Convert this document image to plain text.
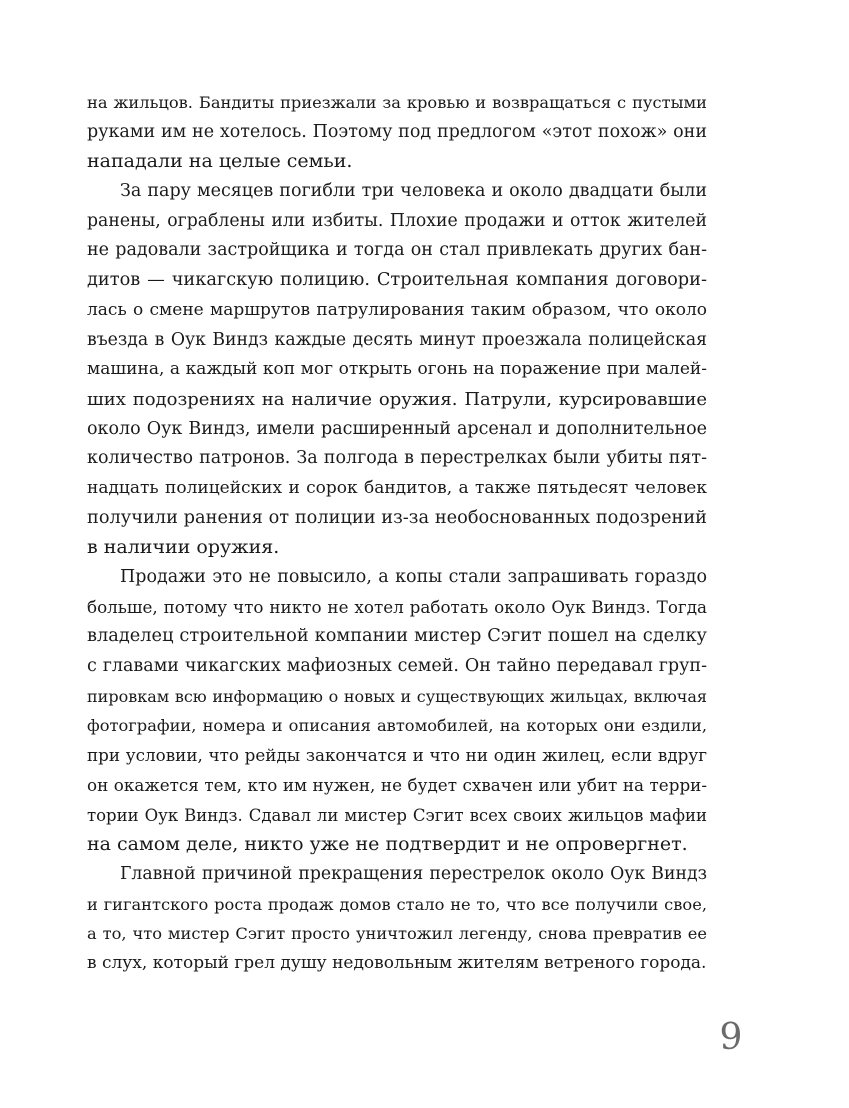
на жильцов. Бандиты приезжали за кровью и возвращаться с пустыми
руками им не хотелось. Поэтому под предлогом «этот похож» они
нападали на целые семьи.
За пару месяцев погибли три человека и около двадцати были
ранены, ограблены или избиты. Плохие продажи и отток жителей
не радовали застройщика и тогда он стал привлекать других бан-
дитов — чикагскую полицию. Строительная компания договори-
лась о смене маршрутов патрулирования таким образом, что около
въезда в Оук Виндз каждые десять минут проезжала полицейская
машина, а каждый коп мог открыть огонь на поражение при малей-
ших подозрениях на наличие оружия. Патрули, курсировавшие
около Оук Виндз, имели расширенный арсенал и дополнительное
количество патронов. За полгода в перестрелках были убиты пят-
надцать полицейских и сорок бандитов, а также пятьдесят человек
получили ранения от полиции из-за необоснованных подозрений
в наличии оружия.
Продажи это не повысило, а копы стали запрашивать гораздо
больше, потому что никто не хотел работать около Оук Виндз. Тогда
владелец строительной компании мистер Сэгит пошел на сделку
с главами чикагских мафиозных семей. Он тайно передавал груп-
пировкам всю информацию о новых и существующих жильцах, включая
фотографии, номера и описания автомобилей, на которых они ездили,
при условии, что рейды закончатся и что ни один жилец, если вдруг
он окажется тем, кто им нужен, не будет схвачен или убит на терри-
тории Оук Виндз. Сдавал ли мистер Сэгит всех своих жильцов мафии
на самом деле, никто уже не подтвердит и не опровергнет.
Главной причиной прекращения перестрелок около Оук Виндз
и гигантского роста продаж домов стало не то, что все получили свое,
а то, что мистер Сэгит просто уничтожил легенду, снова превратив ее
в слух, который грел душу недовольным жителям ветреного города.
9
